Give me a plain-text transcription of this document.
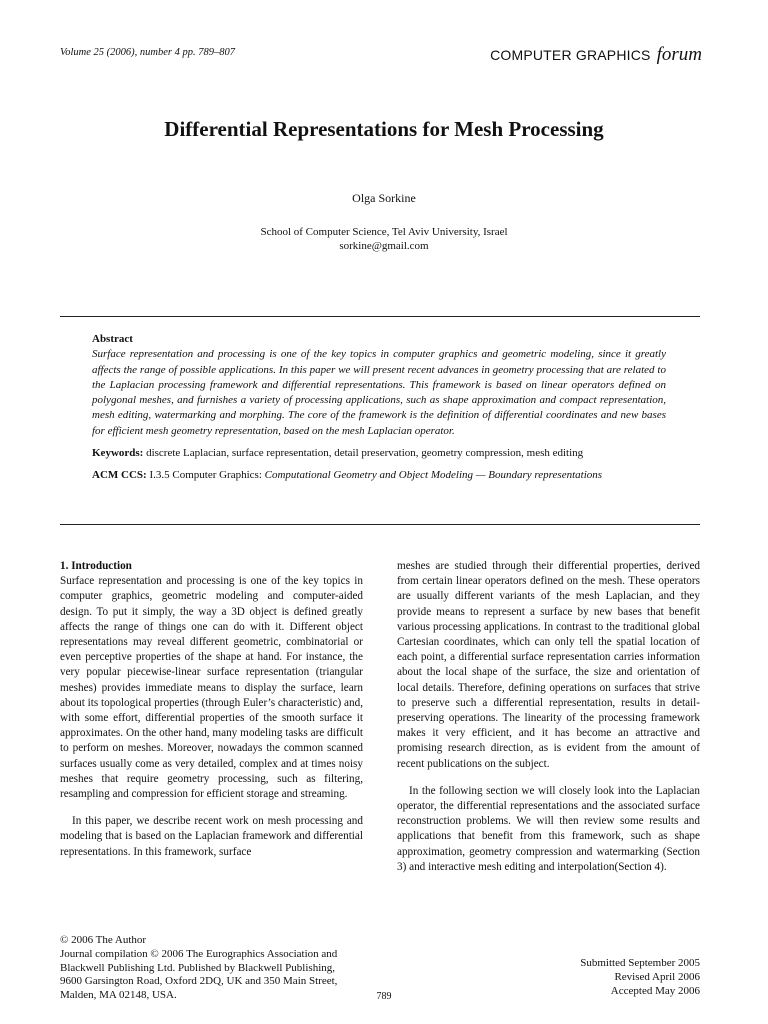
Volume 25 (2006), number 4 pp. 789–807	COMPUTER GRAPHICS forum
Differential Representations for Mesh Processing
Olga Sorkine
School of Computer Science, Tel Aviv University, Israel
sorkine@gmail.com
Abstract
Surface representation and processing is one of the key topics in computer graphics and geometric modeling, since it greatly affects the range of possible applications. In this paper we will present recent advances in geometry processing that are related to the Laplacian processing framework and differential representations. This framework is based on linear operators defined on polygonal meshes, and furnishes a variety of processing applications, such as shape approximation and compact representation, mesh editing, watermarking and morphing. The core of the framework is the definition of differential coordinates and new bases for efficient mesh geometry representation, based on the mesh Laplacian operator.
Keywords: discrete Laplacian, surface representation, detail preservation, geometry compression, mesh editing
ACM CCS: I.3.5 Computer Graphics: Computational Geometry and Object Modeling — Boundary representations

1. Introduction

Surface representation and processing is one of the key topics in computer graphics, geometric modeling and computer-aided design. To put it simply, the way a 3D object is defined greatly affects the range of things one can do with it. Different object representations may reveal different geometric, combinatorial or even perceptive properties of the shape at hand. For instance, the very popular piecewise-linear surface representation (triangular meshes) provides immediate means to display the surface, learn about its topological properties (through Euler’s characteristic) and, with some effort, differential properties of the smooth surface it approximates. On the other hand, many modeling tasks are difficult to perform on meshes. Moreover, nowadays the common scanned surfaces usually come as very detailed, complex and at times noisy meshes that require geometry processing, such as filtering, resampling and compression for efficient storage and streaming.

In this paper, we describe recent work on mesh processing and modeling that is based on the Laplacian framework and differential representations. In this framework, surface

meshes are studied through their differential properties, derived from certain linear operators defined on the mesh. These operators are usually different variants of the mesh Laplacian, and they provide means to represent a surface by new bases that benefit various processing applications. In contrast to the traditional global Cartesian coordinates, which can only tell the spatial location of each point, a differential surface representation carries information about the local shape of the surface, the size and orientation of local details. Therefore, defining operations on surfaces that strive to preserve such a differential representation, results in detail-preserving operations. The linearity of the processing framework makes it very efficient, and it has become an attractive and promising research direction, as is evident from the amount of recent publications on the subject.

In the following section we will closely look into the Laplacian operator, the differential representations and the associated surface reconstruction problems. We will then review some results and applications that benefit from this framework, such as shape approximation, geometry compression and watermarking (Section 3) and interactive mesh editing and interpolation(Section 4).

© 2006 The Author
Journal compilation © 2006 The Eurographics Association and
Blackwell Publishing Ltd. Published by Blackwell Publishing,
9600 Garsington Road, Oxford 2DQ, UK and 350 Main Street,
Malden, MA 02148, USA.
Submitted September 2005
Revised April 2006
Accepted May 2006
789
